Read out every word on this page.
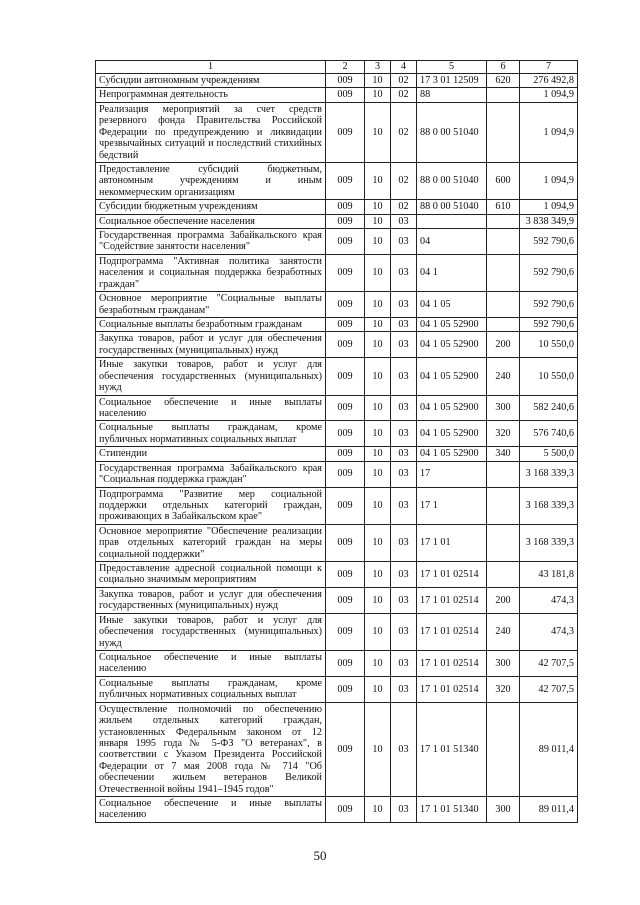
1	2	3	4	5	6	7
Субсидии автономным учреждениям	009	10	02	17 3 01 12509	620	276 492,8
Непрограммная деятельность	009	10	02	88		1 094,9
Реализация мероприятий за счет средств резервного фонда Правительства Российской Федерации по предупреждению и ликвидации чрезвычайных ситуаций и последствий стихийных бедствий	009	10	02	88 0 00 51040		1 094,9
Предоставление субсидий бюджетным, автономным учреждениям и иным некоммерческим организациям	009	10	02	88 0 00 51040	600	1 094,9
Субсидии бюджетным учреждениям	009	10	02	88 0 00 51040	610	1 094,9
Социальное обеспечение населения	009	10	03			3 838 349,9
Государственная программа Забайкальского края "Содействие занятости населения"	009	10	03	04		592 790,6
Подпрограмма "Активная политика занятости населения и социальная поддержка безработных граждан"	009	10	03	04 1		592 790,6
Основное мероприятие "Социальные выплаты безработным гражданам"	009	10	03	04 1 05		592 790,6
Социальные выплаты безработным гражданам	009	10	03	04 1 05 52900		592 790,6
Закупка товаров, работ и услуг для обеспечения государственных (муниципальных) нужд	009	10	03	04 1 05 52900	200	10 550,0
Иные закупки товаров, работ и услуг для обеспечения государственных (муниципальных) нужд	009	10	03	04 1 05 52900	240	10 550,0
Социальное обеспечение и иные выплаты населению	009	10	03	04 1 05 52900	300	582 240,6
Социальные выплаты гражданам, кроме публичных нормативных социальных выплат	009	10	03	04 1 05 52900	320	576 740,6
Стипендии	009	10	03	04 1 05 52900	340	5 500,0
Государственная программа Забайкальского края "Социальная поддержка граждан"	009	10	03	17		3 168 339,3
Подпрограмма "Развитие мер социальной поддержки отдельных категорий граждан, проживающих в Забайкальском крае"	009	10	03	17 1		3 168 339,3
Основное мероприятие "Обеспечение реализации прав отдельных категорий граждан на меры социальной поддержки"	009	10	03	17 1 01		3 168 339,3
Предоставление адресной социальной помощи к социально значимым мероприятиям	009	10	03	17 1 01 02514		43 181,8
Закупка товаров, работ и услуг для обеспечения государственных (муниципальных) нужд	009	10	03	17 1 01 02514	200	474,3
Иные закупки товаров, работ и услуг для обеспечения государственных (муниципальных) нужд	009	10	03	17 1 01 02514	240	474,3
Социальное обеспечение и иные выплаты населению	009	10	03	17 1 01 02514	300	42 707,5
Социальные выплаты гражданам, кроме публичных нормативных социальных выплат	009	10	03	17 1 01 02514	320	42 707,5
Осуществление полномочий по обеспечению жильем отдельных категорий граждан, установленных Федеральным законом от 12 января 1995 года № 5-ФЗ "О ветеранах", в соответствии с Указом Президента Российской Федерации от 7 мая 2008 года № 714 "Об обеспечении жильем ветеранов Великой Отечественной войны 1941–1945 годов"	009	10	03	17 1 01 51340		89 011,4
Социальное обеспечение и иные выплаты населению	009	10	03	17 1 01 51340	300	89 011,4
50
